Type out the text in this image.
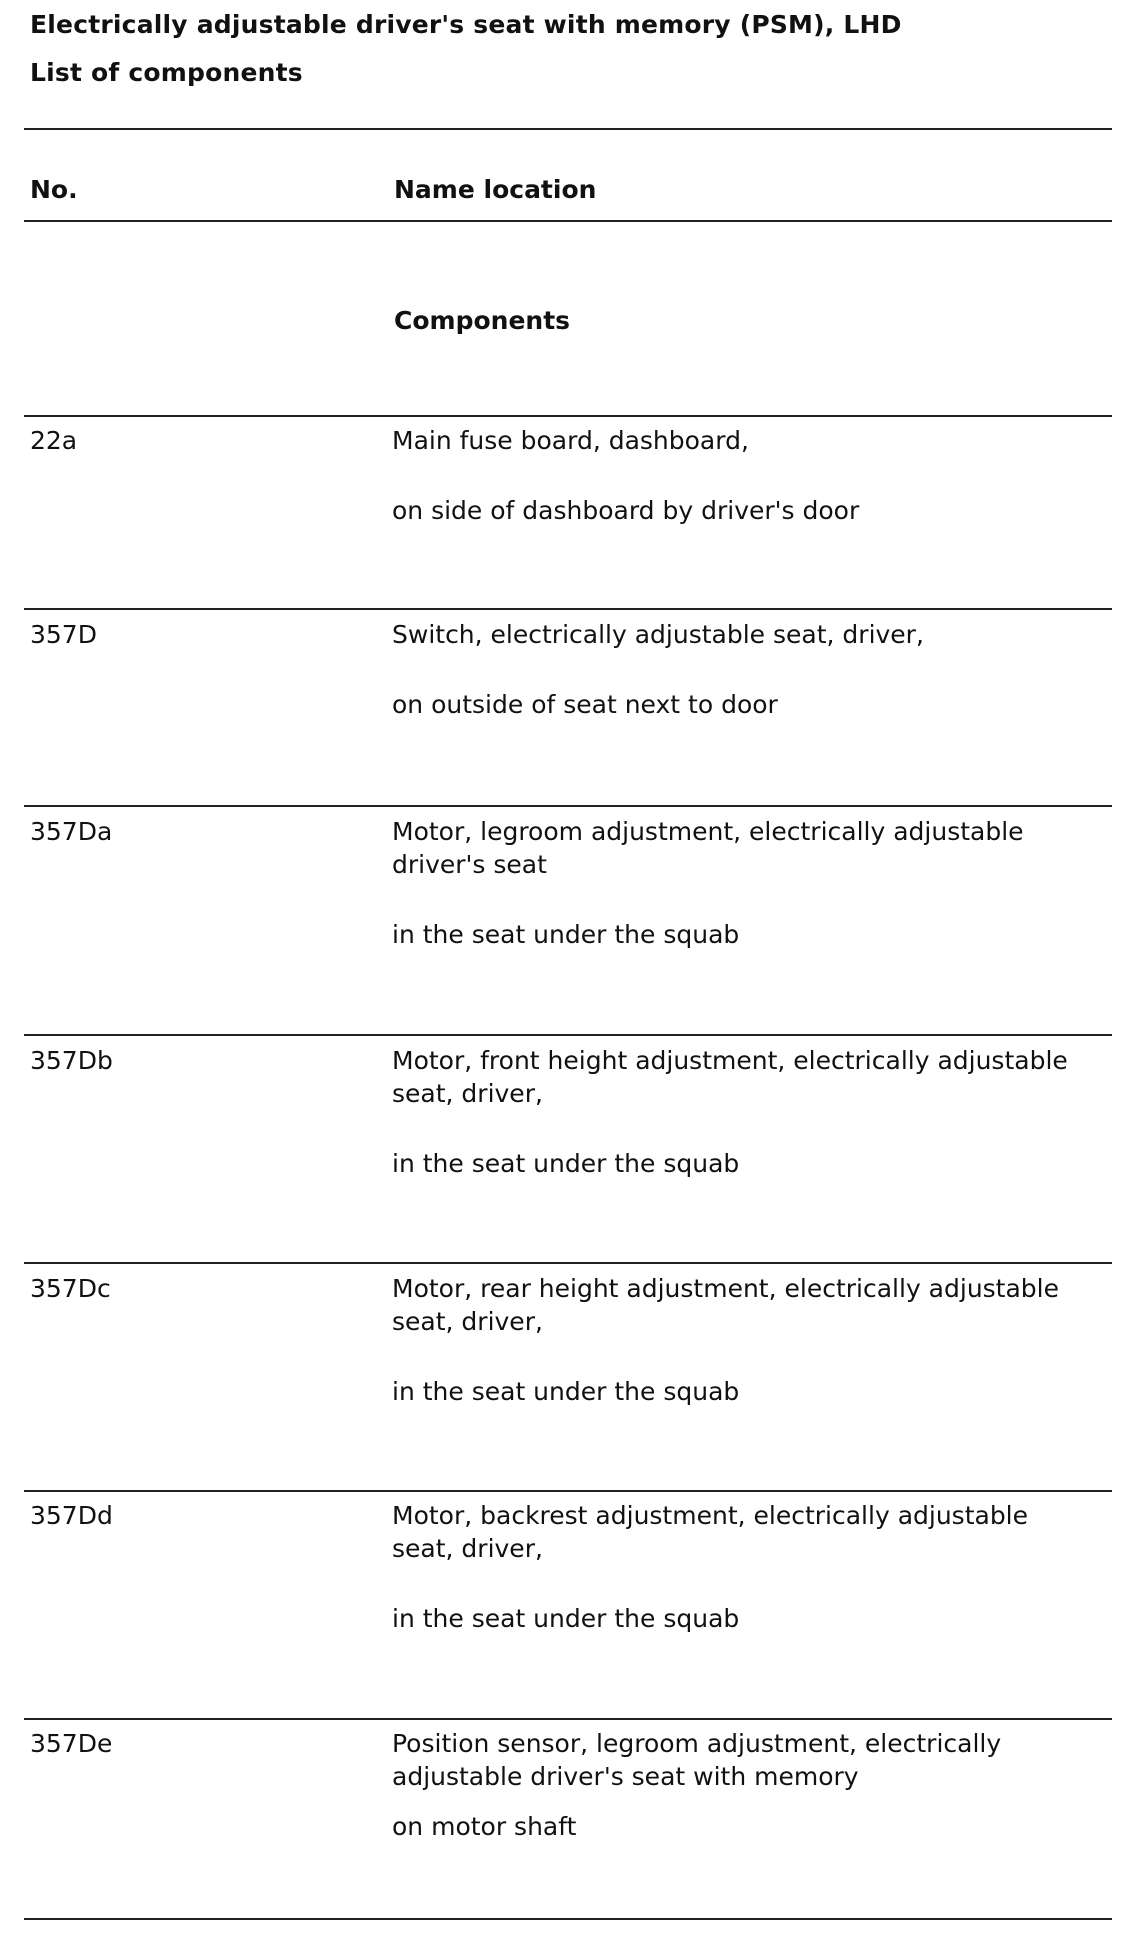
Electrically adjustable driver's seat with memory (PSM), LHD
List of components
No.	Name location
Components
22a	Main fuse board, dashboard,

on side of dashboard by driver's door

357D	Switch, electrically adjustable seat, driver,

on outside of seat next to door

357Da	Motor, legroom adjustment, electrically adjustable driver's seat

in the seat under the squab

357Db	Motor, front height adjustment, electrically adjustable seat, driver,

in the seat under the squab

357Dc	Motor, rear height adjustment, electrically adjustable seat, driver,

in the seat under the squab

357Dd	Motor, backrest adjustment, electrically adjustable seat, driver,

in the seat under the squab

357De	Position sensor, legroom adjustment, electrically adjustable driver's seat with memory

on motor shaft
